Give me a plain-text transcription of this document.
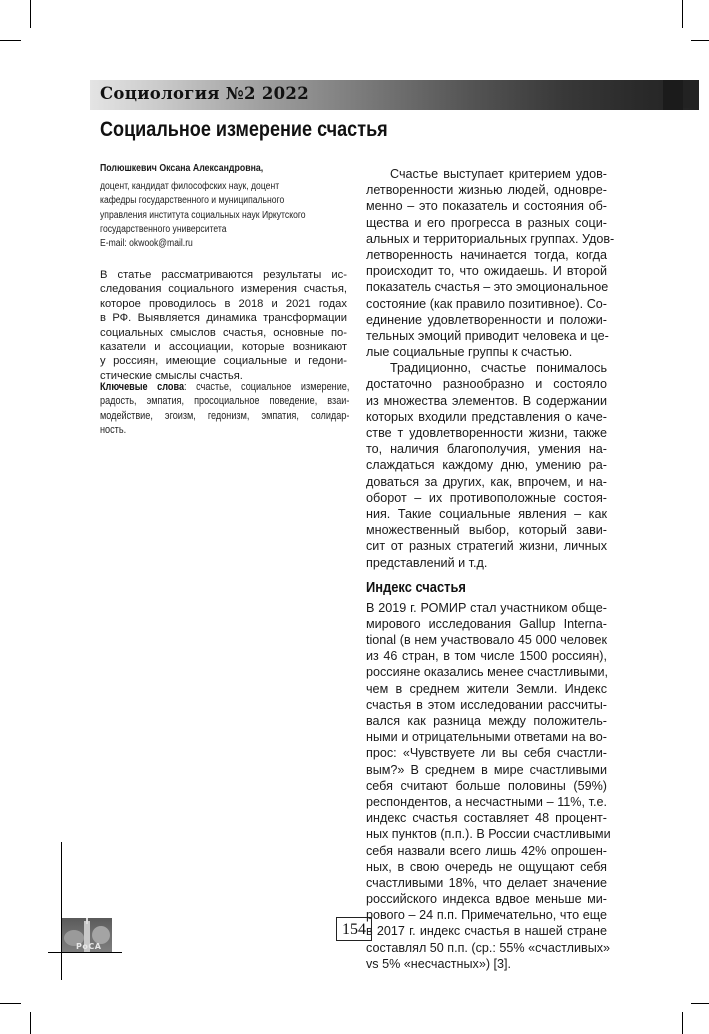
Социология №2 2022
Социальное измерение счастья
Полюшкевич Оксана Александровна,
доцент, кандидат философских наук, доцент
кафедры государственного и муниципального
управления института социальных наук Иркутского
государственного университета
E-mail: okwook@mail.ru
В статье рассматриваются результаты ис-
следования социального измерения счастья,
которое проводилось в 2018 и 2021 годах
в РФ. Выявляется динамика трансформации
социальных смыслов счастья, основные по-
казатели и ассоциации, которые возникают
у россиян, имеющие социальные и гедони-
стические смыслы счастья.
Ключевые слова: счастье, социальное измерение,
радость, эмпатия, просоциальное поведение, взаи-
модействие, эгоизм, гедонизм, эмпатия, солидар-
ность.
Счастье выступает критерием удов-
летворенности жизнью людей, одновре-
менно – это показатель и состояния об-
щества и его прогресса в разных соци-
альных и территориальных группах. Удов-
летворенность начинается тогда, когда
происходит то, что ожидаешь. И второй
показатель счастья – это эмоциональное
состояние (как правило позитивное). Со-
единение удовлетворенности и положи-
тельных эмоций приводит человека и це-
лые социальные группы к счастью.
Традиционно, счастье понималось
достаточно разнообразно и состояло
из множества элементов. В содержании
которых входили представления о каче-
стве т удовлетворенности жизни, также
то, наличия благополучия, умения на-
слаждаться каждому дню, умению ра-
доваться за других, как, впрочем, и на-
оборот – их противоположные состоя-
ния. Такие социальные явления – как
множественный выбор, который зави-
сит от разных стратегий жизни, личных
представлений и т.д.
Индекс счастья
В 2019 г. РОМИР стал участником обще-
мирового исследования Gallup Interna-
tional (в нем участвовало 45 000 человек
из 46 стран, в том числе 1500 россиян),
россияне оказались менее счастливыми,
чем в среднем жители Земли. Индекс
счастья в этом исследовании рассчиты-
вался как разница между положитель-
ными и отрицательными ответами на во-
прос: «Чувствуете ли вы себя счастли-
вым?» В среднем в мире счастливыми
себя считают больше половины (59%)
респондентов, а несчастными – 11%, т.е.
индекс счастья составляет 48 процент-
ных пунктов (п.п.). В России счастливыми
себя назвали всего лишь 42% опрошен-
ных, в свою очередь не ощущают себя
счастливыми 18%, что делает значение
российского индекса вдвое меньше ми-
рового – 24 п.п. Примечательно, что еще
в 2017 г. индекс счастья в нашей стране
составлял 50 п.п. (ср.: 55% «счастливых»
vs 5% «несчастных») [3].
РоСА
154
